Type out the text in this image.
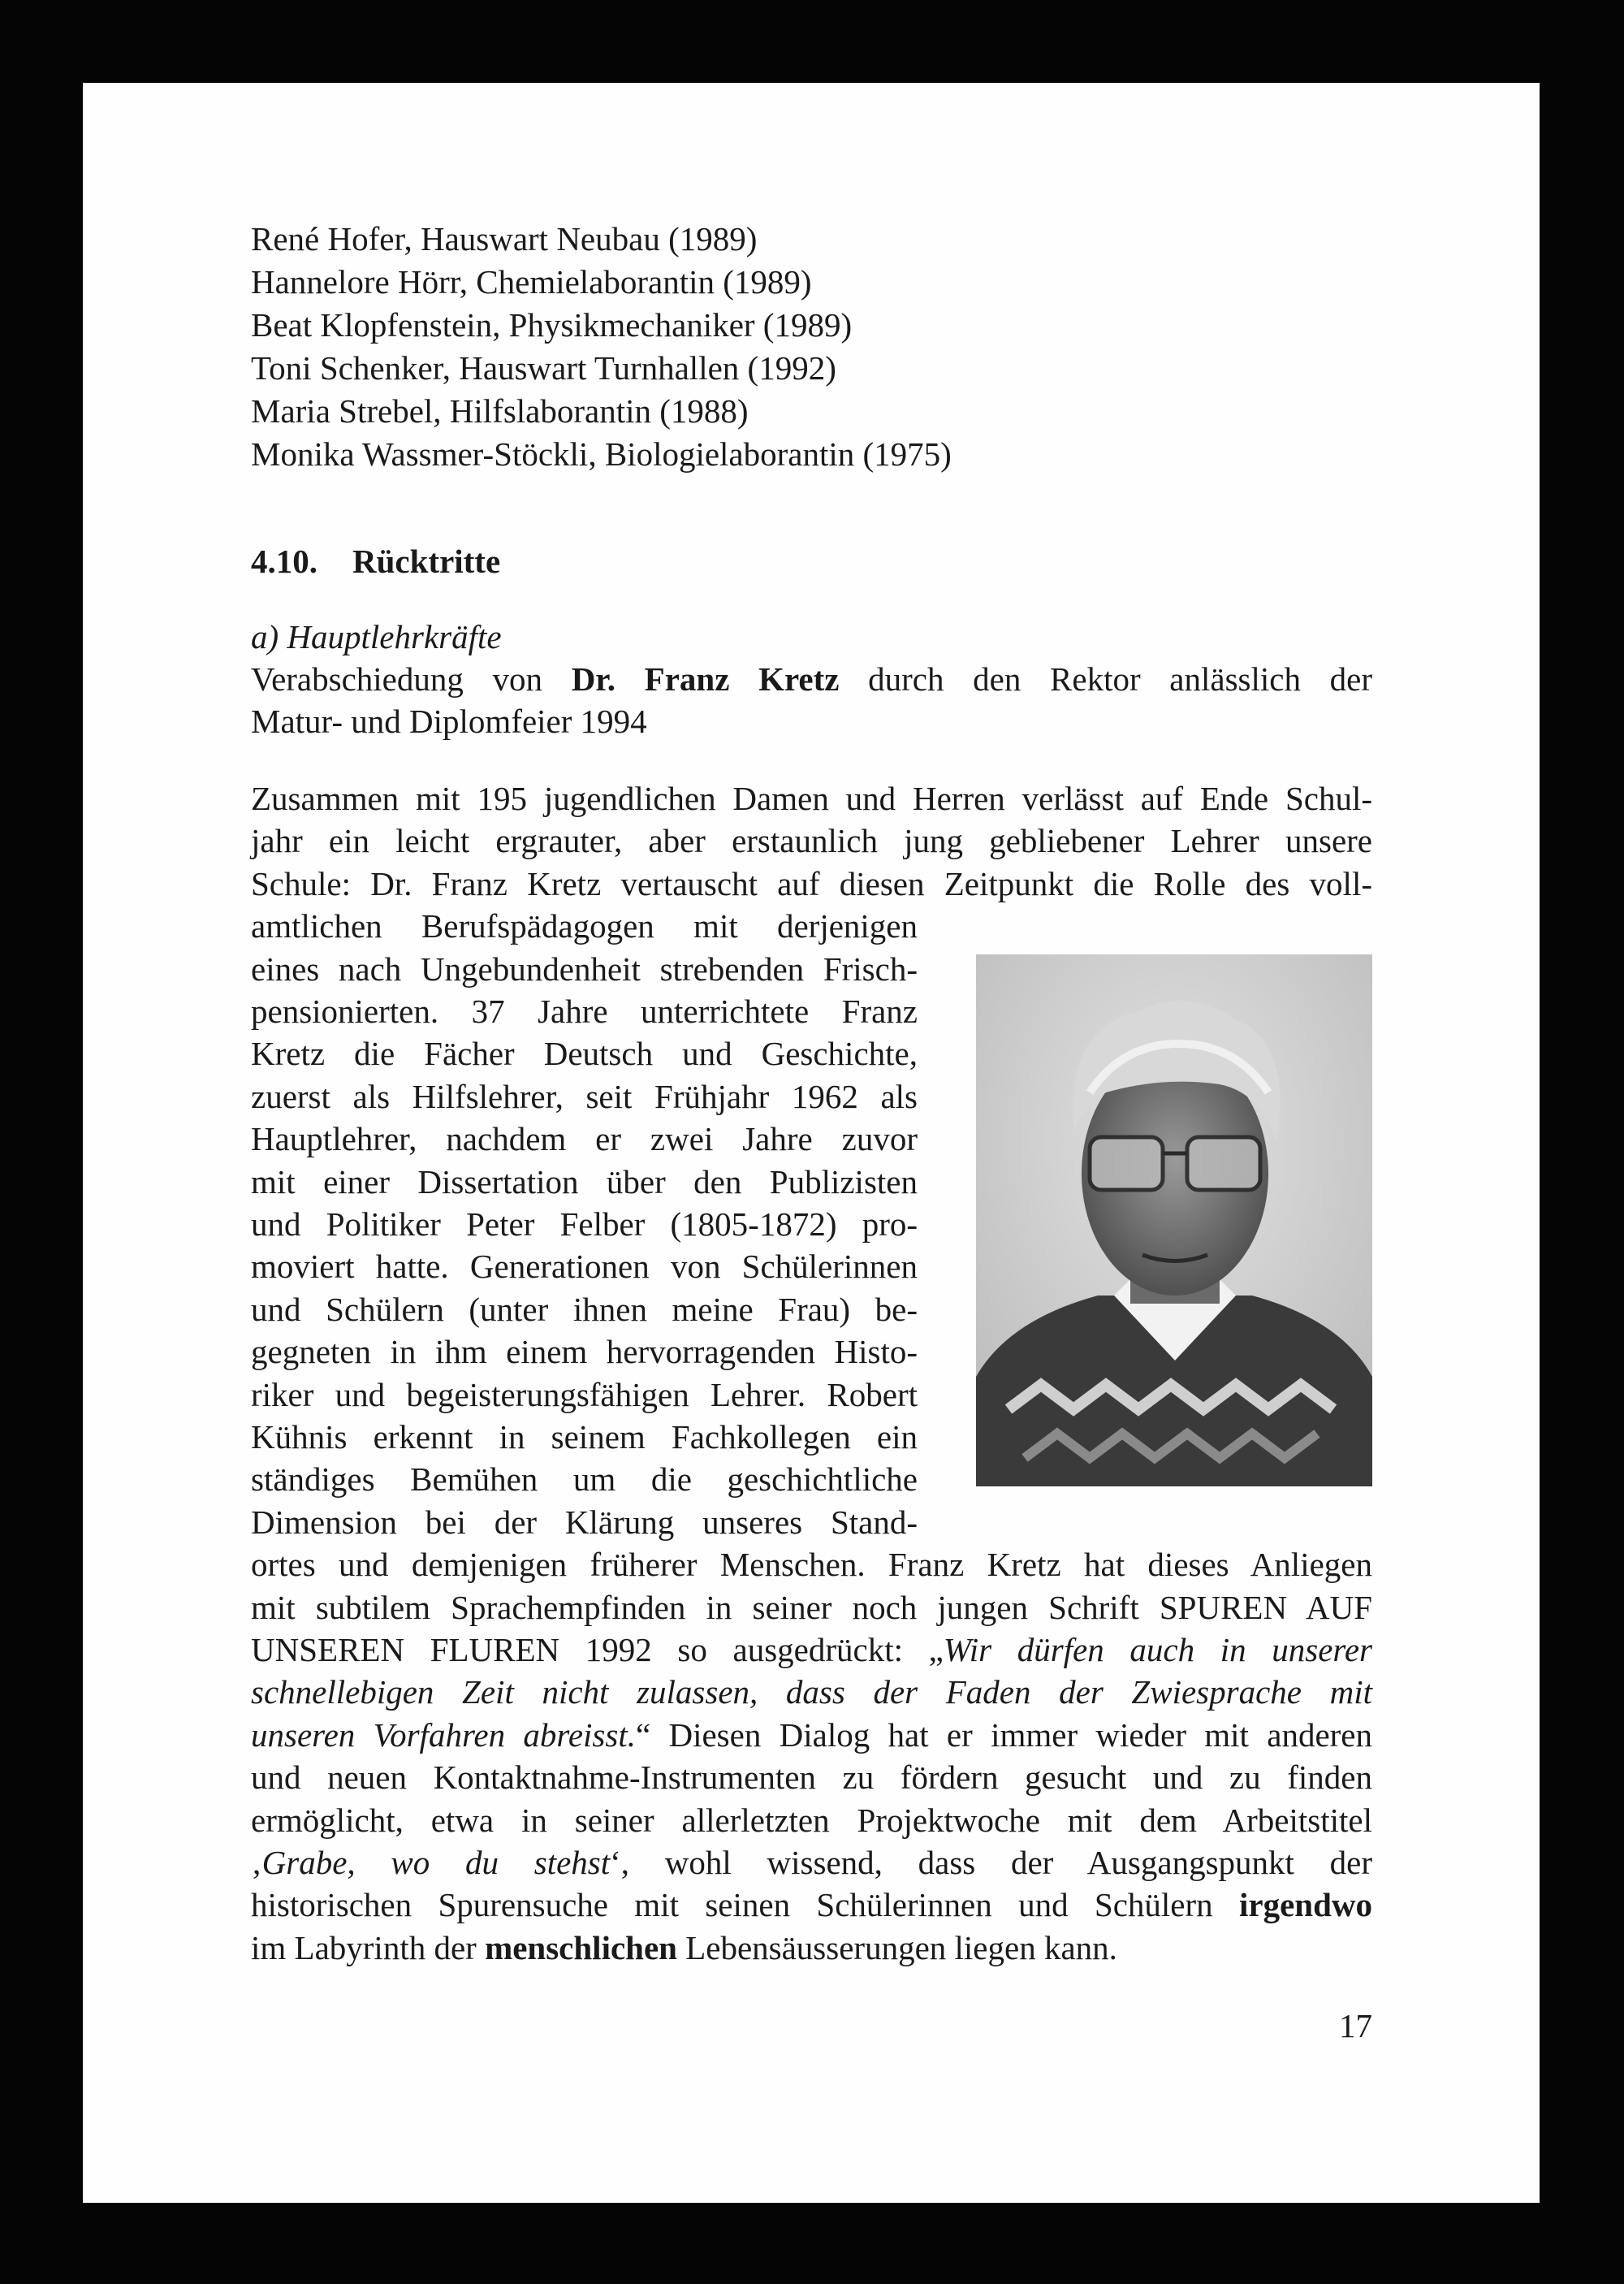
René Hofer, Hauswart Neubau (1989)
Hannelore Hörr, Chemielaborantin (1989)
Beat Klopfenstein, Physikmechaniker (1989)
Toni Schenker, Hauswart Turnhallen (1992)
Maria Strebel, Hilfslaborantin (1988)
Monika Wassmer-Stöckli, Biologielaborantin (1975)
4.10. Rücktritte
a) Hauptlehrkräfte
Verabschiedung von Dr. Franz Kretz durch den Rektor anlässlich der
Matur- und Diplomfeier 1994
Zusammen mit 195 jugendlichen Damen und Herren verlässt auf Ende Schul-
jahr ein leicht ergrauter, aber erstaunlich jung gebliebener Lehrer unsere
Schule: Dr. Franz Kretz vertauscht auf diesen Zeitpunkt die Rolle des voll-
amtlichen Berufspädagogen mit derjenigen
eines nach Ungebundenheit strebenden Frisch-
pensionierten. 37 Jahre unterrichtete Franz
Kretz die Fächer Deutsch und Geschichte,
zuerst als Hilfslehrer, seit Frühjahr 1962 als
Hauptlehrer, nachdem er zwei Jahre zuvor
mit einer Dissertation über den Publizisten
und Politiker Peter Felber (1805-1872) pro-
moviert hatte. Generationen von Schülerinnen
und Schülern (unter ihnen meine Frau) be-
gegneten in ihm einem hervorragenden Histo-
riker und begeisterungsfähigen Lehrer. Robert
Kühnis erkennt in seinem Fachkollegen ein
ständiges Bemühen um die geschichtliche
Dimension bei der Klärung unseres Stand-
ortes und demjenigen früherer Menschen. Franz Kretz hat dieses Anliegen
mit subtilem Sprachempfinden in seiner noch jungen Schrift SPUREN AUF
UNSEREN FLUREN 1992 so ausgedrückt: „Wir dürfen auch in unserer
schnellebigen Zeit nicht zulassen, dass der Faden der Zwiesprache mit
unseren Vorfahren abreisst.“ Diesen Dialog hat er immer wieder mit anderen
und neuen Kontaktnahme-Instrumenten zu fördern gesucht und zu finden
ermöglicht, etwa in seiner allerletzten Projektwoche mit dem Arbeitstitel
‚Grabe, wo du stehst‘, wohl wissend, dass der Ausgangspunkt der
historischen Spurensuche mit seinen Schülerinnen und Schülern irgendwo
im Labyrinth der menschlichen Lebensäusserungen liegen kann.
17
